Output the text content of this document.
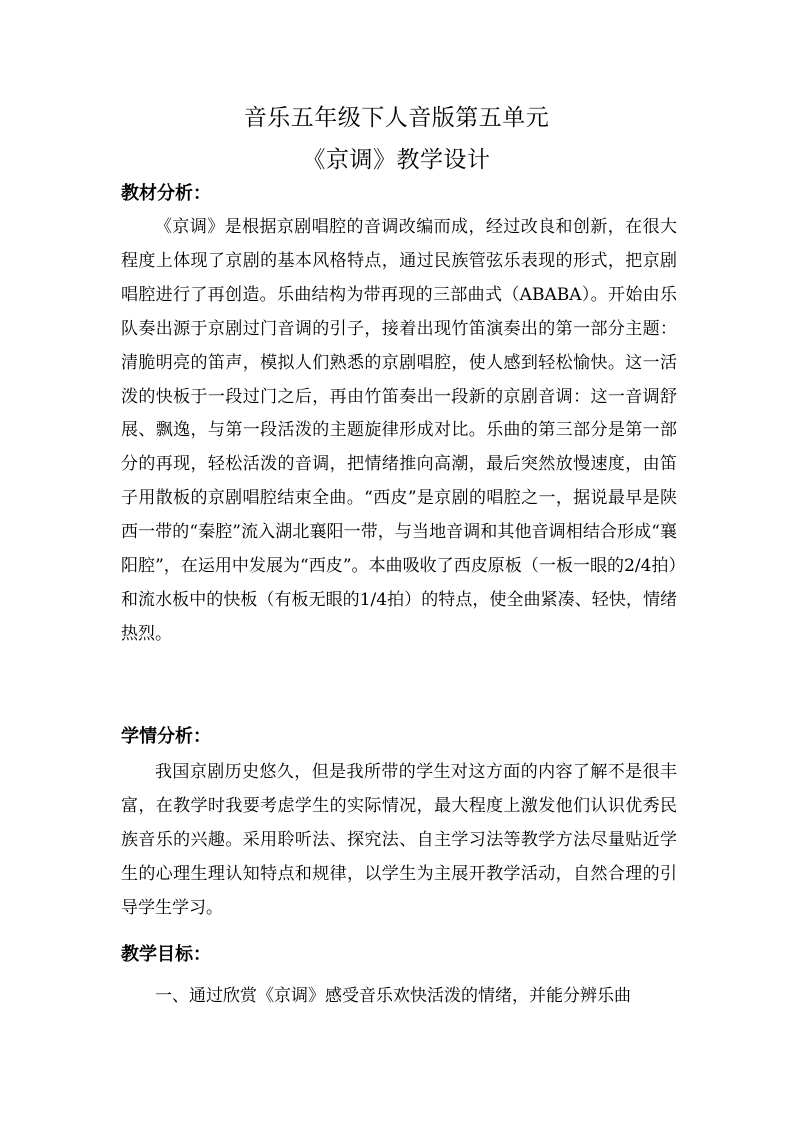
音乐五年级下人音版第五单元
《京调》教学设计
教材分析：
《京调》是根据京剧唱腔的音调改编而成，经过改良和创新，在很大程度上体现了京剧的基本风格特点，通过民族管弦乐表现的形式，把京剧唱腔进行了再创造。乐曲结构为带再现的三部曲式（ABABA）。开始由乐队奏出源于京剧过门音调的引子，接着出现竹笛演奏出的第一部分主题：清脆明亮的笛声，模拟人们熟悉的京剧唱腔，使人感到轻松愉快。这一活泼的快板于一段过门之后，再由竹笛奏出一段新的京剧音调：这一音调舒展、飘逸，与第一段活泼的主题旋律形成对比。乐曲的第三部分是第一部分的再现，轻松活泼的音调，把情绪推向高潮，最后突然放慢速度，由笛子用散板的京剧唱腔结束全曲。“西皮”是京剧的唱腔之一，据说最早是陕西一带的“秦腔”流入湖北襄阳一带，与当地音调和其他音调相结合形成“襄阳腔”，在运用中发展为“西皮”。本曲吸收了西皮原板（一板一眼的2/4拍）和流水板中的快板（有板无眼的1/4拍）的特点，使全曲紧凑、轻快，情绪热烈。
学情分析：
我国京剧历史悠久，但是我所带的学生对这方面的内容了解不是很丰富，在教学时我要考虑学生的实际情况，最大程度上激发他们认识优秀民族音乐的兴趣。采用聆听法、探究法、自主学习法等教学方法尽量贴近学生的心理生理认知特点和规律，以学生为主展开教学活动，自然合理的引导学生学习。
教学目标：
一、通过欣赏《京调》感受音乐欢快活泼的情绪，并能分辨乐曲
